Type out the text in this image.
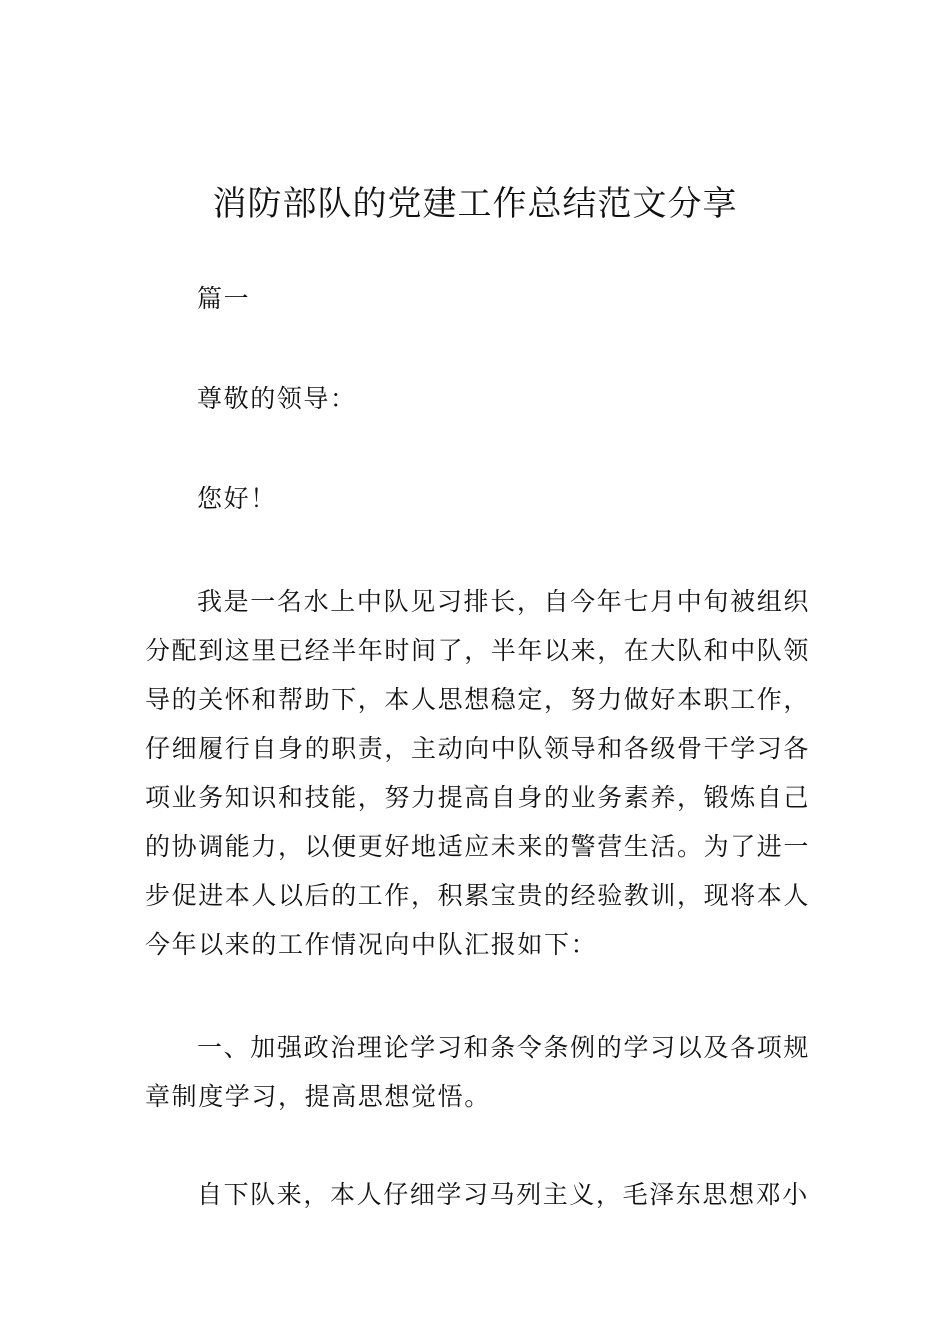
消防部队的党建工作总结范文分享

篇一

尊敬的领导：

您好！

我是一名水上中队见习排长，自今年七月中旬被组织分配到这里已经半年时间了，半年以来，在大队和中队领导的关怀和帮助下，本人思想稳定，努力做好本职工作，仔细履行自身的职责，主动向中队领导和各级骨干学习各项业务知识和技能，努力提高自身的业务素养，锻炼自己的协调能力，以便更好地适应未来的警营生活。为了进一步促进本人以后的工作，积累宝贵的经验教训，现将本人今年以来的工作情况向中队汇报如下：

一、加强政治理论学习和条令条例的学习以及各项规章制度学习，提高思想觉悟。

自下队来，本人仔细学习马列主义，毛泽东思想邓小
